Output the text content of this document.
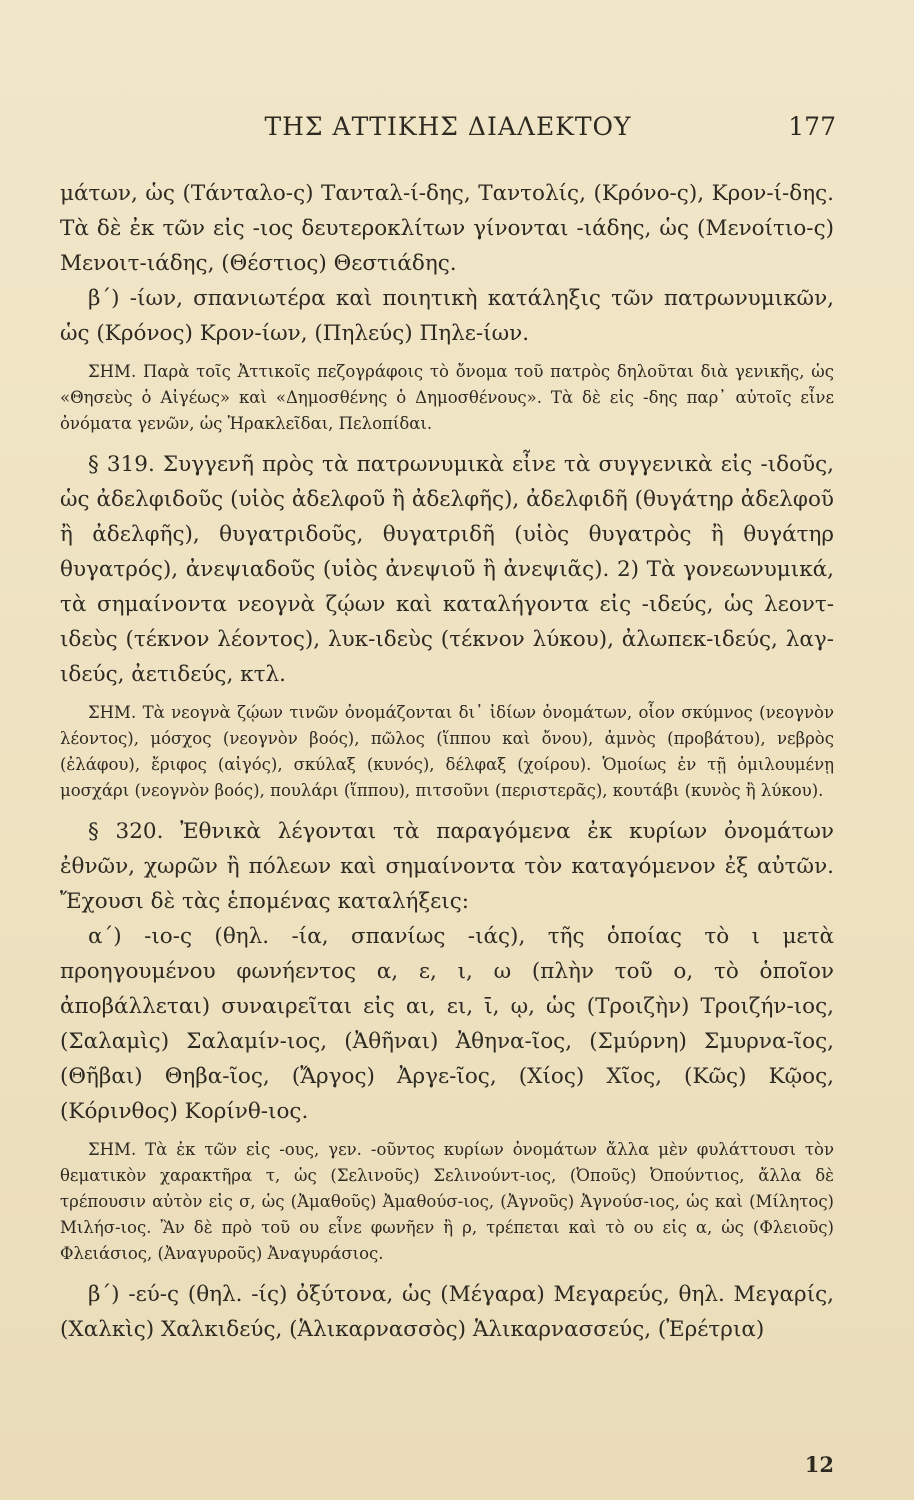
ΤΗΣ ΑΤΤΙΚΗΣ ΔΙΑΛΕΚΤΟΥ	177

μάτων, ὡς (Τάνταλο-ς) Τανταλ-ί-δης, Ταντολίς, (Κρόνο-ς), Κρον-ί-δης. Τὰ δὲ ἐκ τῶν εἰς -ιος δευτεροκλίτων γίνονται -ιάδης, ὡς (Μενοίτιο-ς) Μενοιτ-ιάδης, (Θέστιος) Θεστιάδης.

β΄) -ίων, σπανιωτέρα καὶ ποιητικὴ κατάληξις τῶν πατρωνυμικῶν, ὡς (Κρόνος) Κρον-ίων, (Πηλεύς) Πηλε-ίων.

ΣΗΜ. Παρὰ τοῖς Ἀττικοῖς πεζογράφοις τὸ ὄνομα τοῦ πατρὸς δηλοῦται διὰ γενικῆς, ὡς «Θησεὺς ὁ Αἰγέως» καὶ «Δημοσθένης ὁ Δημοσθένους». Τὰ δὲ εἰς -δης παρ᾽ αὐτοῖς εἶνε ὀνόματα γενῶν, ὡς Ἡρακλεῖδαι, Πελοπίδαι.

§ 319. Συγγενῆ πρὸς τὰ πατρωνυμικὰ εἶνε τὰ συγγενικὰ εἰς -ιδοῦς, ὡς ἀδελφιδοῦς (υἱὸς ἀδελφοῦ ἢ ἀδελφῆς), ἀδελφιδῆ (θυγάτηρ ἀδελφοῦ ἢ ἀδελφῆς), θυγατριδοῦς, θυγατριδῆ (υἱὸς θυγατρὸς ἢ θυγάτηρ θυγατρός), ἀνεψιαδοῦς (υἱὸς ἀνεψιοῦ ἢ ἀνεψιᾶς). 2) Τὰ γονεωνυμικά, τὰ σημαίνοντα νεογνὰ ζῴων καὶ καταλήγοντα εἰς -ιδεύς, ὡς λεοντ-ιδεὺς (τέκνον λέοντος), λυκ-ιδεὺς (τέκνον λύκου), ἀλωπεκ-ιδεύς, λαγ-ιδεύς, ἀετιδεύς, κτλ.

ΣΗΜ. Τὰ νεογνὰ ζῴων τινῶν ὀνομάζονται δι᾽ ἰδίων ὀνομάτων, οἷον σκύμνος (νεογνὸν λέοντος), μόσχος (νεογνὸν βοός), πῶλος (ἵππου καὶ ὄνου), ἀμνὸς (προβάτου), νεβρὸς (ἐλάφου), ἔριφος (αἰγός), σκύλαξ (κυνός), δέλφαξ (χοίρου). Ὁμοίως ἐν τῇ ὁμιλουμένῃ μοσχάρι (νεογνὸν βοός), πουλάρι (ἵππου), πιτσοῦνι (περιστερᾶς), κουτάβι (κυνὸς ἢ λύκου).

§ 320. Ἐθνικὰ λέγονται τὰ παραγόμενα ἐκ κυρίων ὀνομάτων ἐθνῶν, χωρῶν ἢ πόλεων καὶ σημαίνοντα τὸν καταγόμενον ἐξ αὐτῶν. Ἔχουσι δὲ τὰς ἑπομένας καταλήξεις:

α΄) -ιο-ς (θηλ. -ία, σπανίως -ιάς), τῆς ὁποίας τὸ ι μετὰ προηγουμένου φωνήεντος α, ε, ι, ω (πλὴν τοῦ ο, τὸ ὁποῖον ἀποβάλλεται) συναιρεῖται εἰς αι, ει, ῑ, ῳ, ὡς (Τροιζὴν) Τροιζήν-ιος, (Σαλαμὶς) Σαλαμίν-ιος, (Ἀθῆναι) Ἀθηνα-ῖος, (Σμύρνη) Σμυρνα-ῖος, (Θῆβαι) Θηβα-ῖος, (Ἄργος) Ἀργε-ῖος, (Χίος) Χῖος, (Κῶς) Κῷος, (Κόρινθος) Κορίνθ-ιος.

ΣΗΜ. Τὰ ἐκ τῶν εἰς -ους, γεν. -οῦντος κυρίων ὀνομάτων ἄλλα μὲν φυλάττουσι τὸν θεματικὸν χαρακτῆρα τ, ὡς (Σελινοῦς) Σελινούντ-ιος, (Ὀποῦς) Ὀπούντιος, ἄλλα δὲ τρέπουσιν αὐτὸν εἰς σ, ὡς (Ἀμαθοῦς) Ἀμαθούσ-ιος, (Ἀγνοῦς) Ἀγνούσ-ιος, ὡς καὶ (Μίλητος) Μιλήσ-ιος. Ἂν δὲ πρὸ τοῦ ου εἶνε φωνῆεν ἢ ρ, τρέπεται καὶ τὸ ου εἰς α, ὡς (Φλειοῦς) Φλειάσιος, (Ἀναγυροῦς) Ἀναγυράσιος.

β΄) -εύ-ς (θηλ. -ίς) ὀξύτονα, ὡς (Μέγαρα) Μεγαρεύς, θηλ. Μεγαρίς, (Χαλκὶς) Χαλκιδεύς, (Ἁλικαρνασσὸς) Ἁλικαρνασσεύς, (Ἐρέτρια)

12
